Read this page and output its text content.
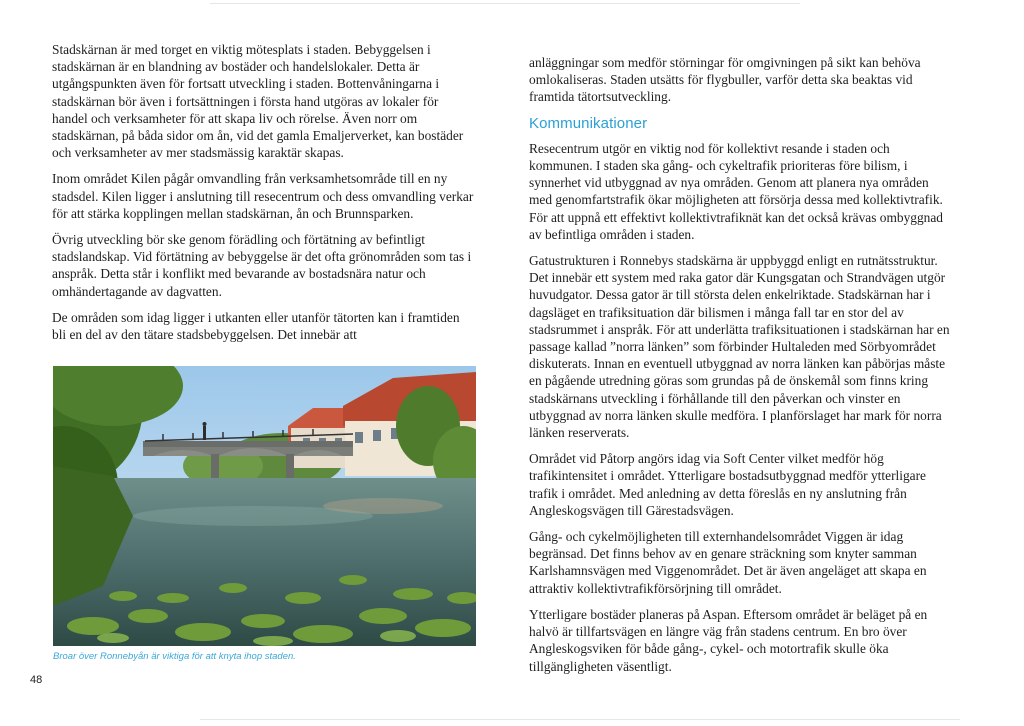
Stadskärnan är med torget en viktig mötesplats i staden. Bebyggelsen i stadskärnan är en blandning av bostäder och handelslokaler. Detta är utgångspunkten även för fortsatt utveckling i staden. Bottenvåningarna i stadskärnan bör även i fortsättningen i första hand utgöras av lokaler för handel och verksamheter för att skapa liv och rörelse. Även norr om stadskärnan, på båda sidor om ån, vid det gamla Emaljerverket, kan bostäder och verksamheter av mer stadsmässig karaktär skapas.

Inom området Kilen pågår omvandling från verksamhetsområde till en ny stadsdel. Kilen ligger i anslutning till resecentrum och dess omvandling verkar för att stärka kopplingen mellan stadskärnan, ån och Brunnsparken.

Övrig utveckling bör ske genom förädling och förtätning av befintligt stadslandskap. Vid förtätning av bebyggelse är det ofta grönområden som tas i anspråk. Detta står i konflikt med bevarande av bostadsnära natur och omhändertagande av dagvatten.

De områden som idag ligger i utkanten eller utanför tätorten kan i framtiden bli en del av den tätare stadsbebyggelsen. Det innebär att

Broar över Ronnebyån är viktiga för att knyta ihop staden.

anläggningar som medför störningar för omgivningen på sikt kan behöva omlokaliseras. Staden utsätts för flygbuller, varför detta ska beaktas vid framtida tätortsutveckling.

Kommunikationer

Resecentrum utgör en viktig nod för kollektivt resande i staden och kommunen. I staden ska gång- och cykeltrafik prioriteras före bilism, i synnerhet vid utbyggnad av nya områden. Genom att planera nya områden med genomfartstrafik ökar möjligheten att försörja dessa med kollektivtrafik. För att uppnå ett effektivt kollektivtrafiknät kan det också krävas ombyggnad av befintliga områden i staden.

Gatustrukturen i Ronnebys stadskärna är uppbyggd enligt en rutnätsstruktur. Det innebär ett system med raka gator där Kungsgatan och Strandvägen utgör huvudgator. Dessa gator är till största delen enkelriktade. Stadskärnan har i dagsläget en trafiksituation där bilismen i många fall tar en stor del av stadsrummet i anspråk. För att underlätta trafiksituationen i stadskärnan har en passage kallad ”norra länken” som förbinder Hultaleden med Sörbyområdet diskuterats. Innan en eventuell utbyggnad av norra länken kan påbörjas måste en pågående utredning göras som grundas på de önskemål som finns kring stadskärnans utveckling i förhållande till den påverkan och vinster en utbyggnad av norra länken skulle medföra. I planförslaget har mark för norra länken reserverats.

Området vid Påtorp angörs idag via Soft Center vilket medför hög trafikintensitet i området. Ytterligare bostadsutbyggnad medför ytterligare trafik i området. Med anledning av detta föreslås en ny anslutning från Angleskogsvägen till Gärestadsvägen.

Gång- och cykelmöjligheten till externhandelsområdet Viggen är idag begränsad. Det finns behov av en genare sträckning som knyter samman Karlshamnsvägen med Viggenområdet. Det är även angeläget att skapa en attraktiv kollektivtrafikförsörjning till området.

Ytterligare bostäder planeras på Aspan. Eftersom området är beläget på en halvö är tillfartsvägen en längre väg från stadens centrum. En bro över Angleskogsviken för både gång-, cykel- och motortrafik skulle öka tillgängligheten väsentligt.

48
